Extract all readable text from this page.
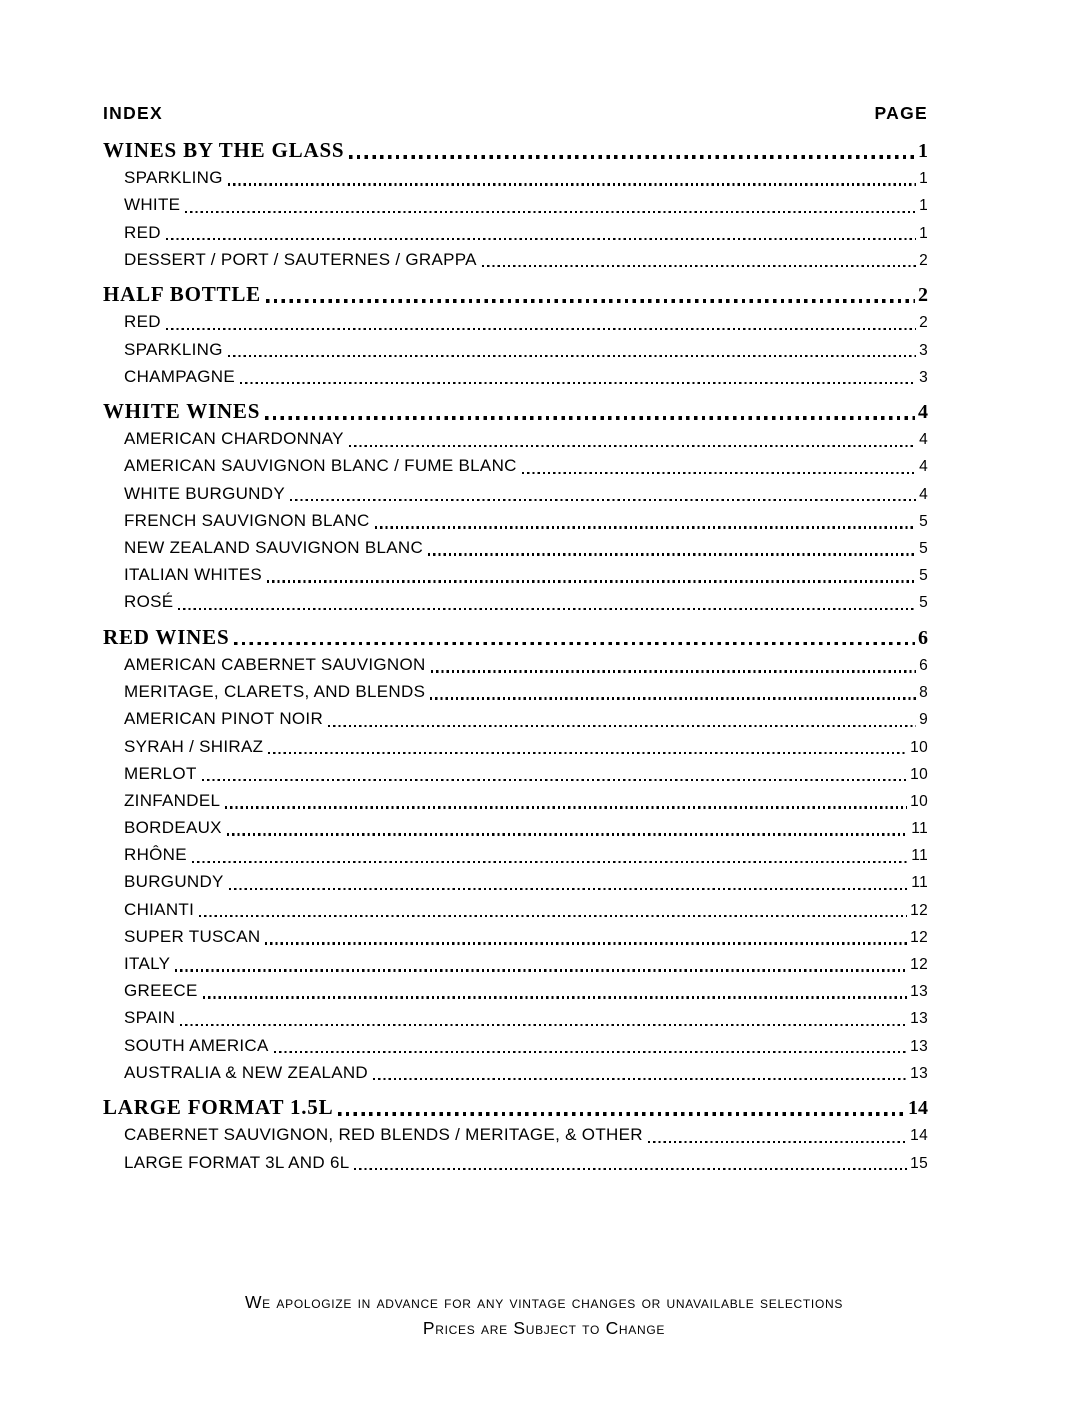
INDEX	PAGE
WINES BY THE GLASS	1
SPARKLING	1
WHITE	1
RED	1
DESSERT / PORT / SAUTERNES / GRAPPA	2
HALF BOTTLE	2
RED	2
SPARKLING	3
CHAMPAGNE	3
WHITE WINES	4
AMERICAN CHARDONNAY	4
AMERICAN SAUVIGNON BLANC / FUME BLANC	4
WHITE BURGUNDY	4
FRENCH SAUVIGNON BLANC	5
NEW ZEALAND SAUVIGNON BLANC	5
ITALIAN WHITES	5
ROSÉ	5
RED WINES	6
AMERICAN CABERNET SAUVIGNON	6
MERITAGE, CLARETS, AND BLENDS	8
AMERICAN PINOT NOIR	9
SYRAH / SHIRAZ	10
MERLOT	10
ZINFANDEL	10
BORDEAUX	11
RHÔNE	11
BURGUNDY	11
CHIANTI	12
SUPER TUSCAN	12
ITALY	12
GREECE	13
SPAIN	13
SOUTH AMERICA	13
AUSTRALIA & NEW ZEALAND	13
LARGE FORMAT 1.5L	14
CABERNET SAUVIGNON, RED BLENDS / MERITAGE, & OTHER	14
LARGE FORMAT 3L AND 6L	15
We apologize in advance for any vintage changes or unavailable selections
Prices are Subject to Change
